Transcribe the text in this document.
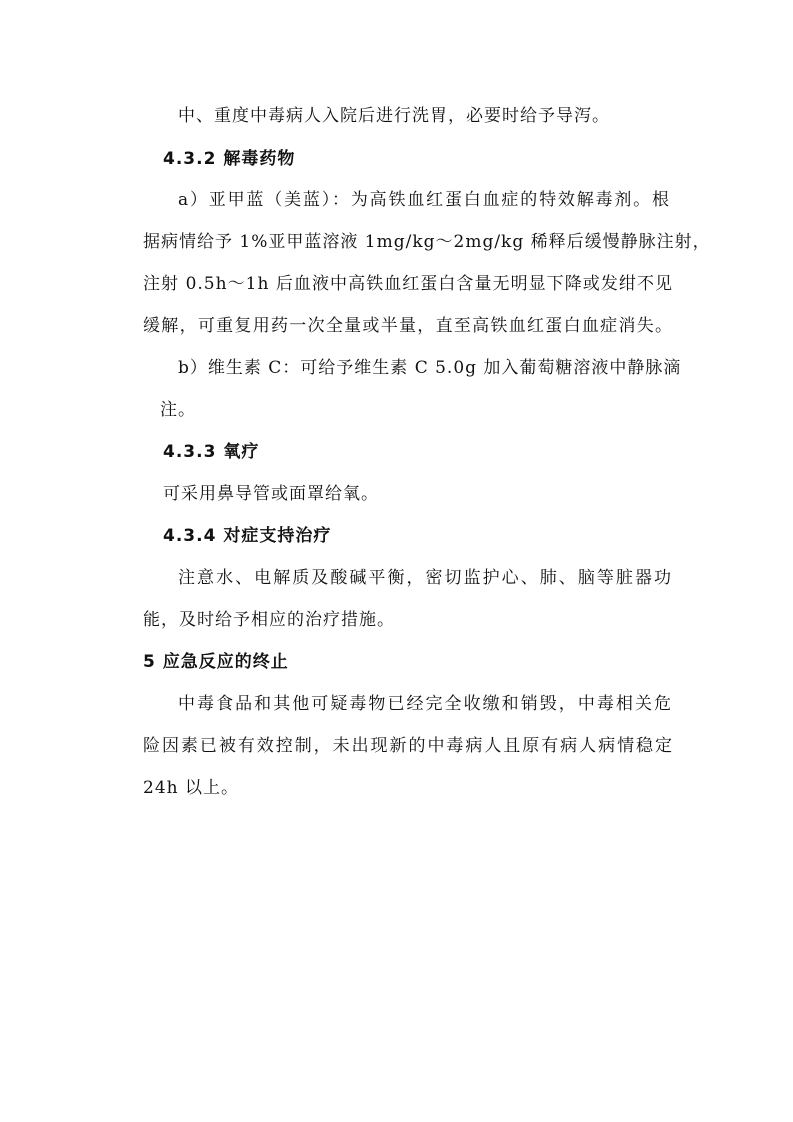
中、重度中毒病人入院后进行洗胃，必要时给予导泻。
4.3.2 解毒药物
a）亚甲蓝（美蓝）：为高铁血红蛋白血症的特效解毒剂。根
据病情给予 1%亚甲蓝溶液 1mg/kg～2mg/kg 稀释后缓慢静脉注射，
注射 0.5h～1h 后血液中高铁血红蛋白含量无明显下降或发绀不见
缓解，可重复用药一次全量或半量，直至高铁血红蛋白血症消失。
b）维生素 C：可给予维生素 C 5.0g 加入葡萄糖溶液中静脉滴
注。
4.3.3 氧疗
可采用鼻导管或面罩给氧。
4.3.4 对症支持治疗
注意水、电解质及酸碱平衡，密切监护心、肺、脑等脏器功
能，及时给予相应的治疗措施。
5 应急反应的终止
中毒食品和其他可疑毒物已经完全收缴和销毁，中毒相关危
险因素已被有效控制，未出现新的中毒病人且原有病人病情稳定
24h 以上。
